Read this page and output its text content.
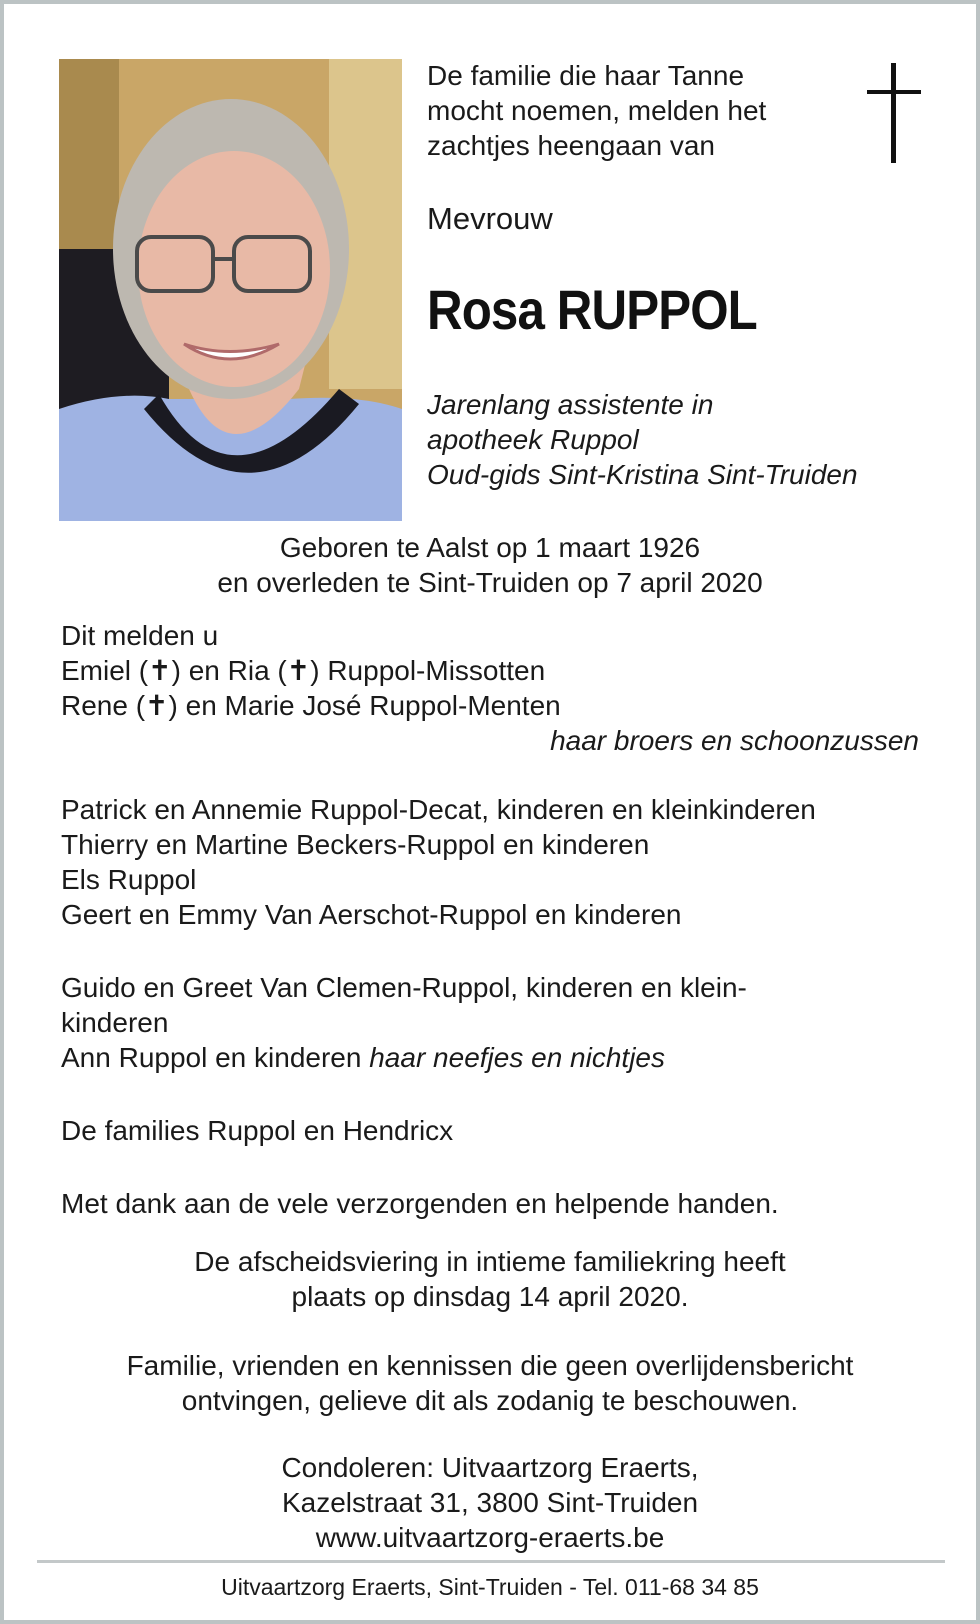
De familie die haar Tanne
mocht noemen, melden het
zachtjes heengaan van

Mevrouw

Rosa RUPPOL

Jarenlang assistente in
apotheek Ruppol
Oud-gids Sint-Kristina Sint-Truiden

Geboren te Aalst op 1 maart 1926
en overleden te Sint-Truiden op 7 april 2020

Dit melden u
Emiel (✝) en Ria (✝) Ruppol-Missotten
Rene (✝) en Marie José Ruppol-Menten
haar broers en schoonzussen
Patrick en Annemie Ruppol-Decat, kinderen en kleinkinderen
Thierry en Martine Beckers-Ruppol en kinderen
Els Ruppol
Geert en Emmy Van Aerschot-Ruppol en kinderen
Guido en Greet Van Clemen-Ruppol, kinderen en klein-
kinderen
Ann Ruppol en kinderen haar neefjes en nichtjes

De families Ruppol en Hendricx

Met dank aan de vele verzorgenden en helpende handen.

De afscheidsviering in intieme familiekring heeft
plaats op dinsdag 14 april 2020.

Familie, vrienden en kennissen die geen overlijdensbericht
ontvingen, gelieve dit als zodanig te beschouwen.

Condoleren: Uitvaartzorg Eraerts,
Kazelstraat 31, 3800 Sint-Truiden
www.uitvaartzorg-eraerts.be

Uitvaartzorg Eraerts, Sint-Truiden - Tel. 011-68 34 85
